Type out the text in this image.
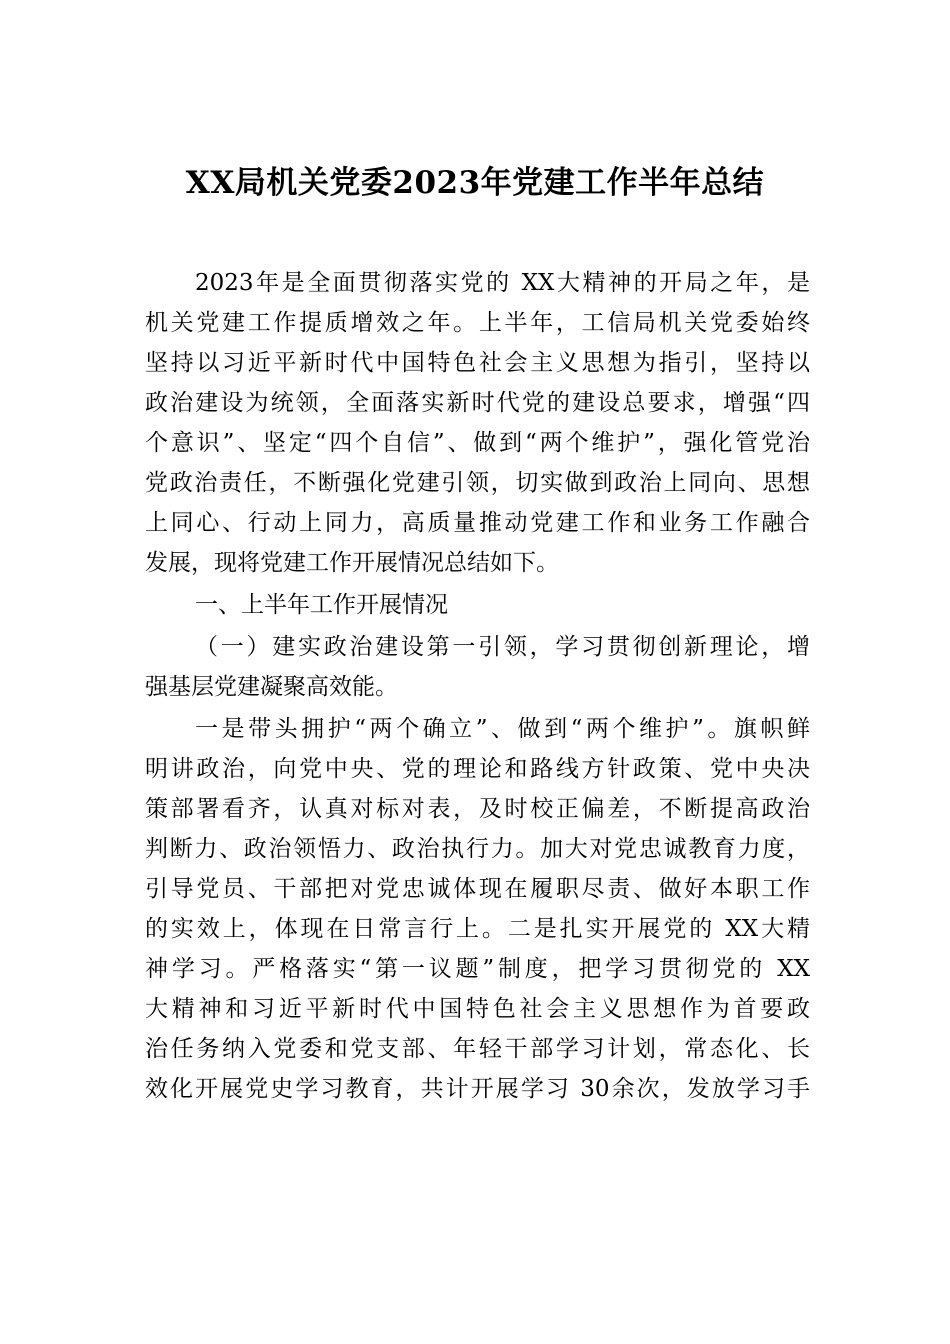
XX局机关党委2023年党建工作半年总结
2023年是全面贯彻落实党的 XX大精神的开局之年，是
机关党建工作提质增效之年。上半年，工信局机关党委始终
坚持以习近平新时代中国特色社会主义思想为指引，坚持以
政治建设为统领，全面落实新时代党的建设总要求，增强“四
个意识”、坚定“四个自信”、做到“两个维护”，强化管党治
党政治责任，不断强化党建引领，切实做到政治上同向、思想
上同心、行动上同力，高质量推动党建工作和业务工作融合
发展，现将党建工作开展情况总结如下。
一、上半年工作开展情况
（一）建实政治建设第一引领，学习贯彻创新理论，增
强基层党建凝聚高效能。
一是带头拥护“两个确立”、做到“两个维护”。旗帜鲜
明讲政治，向党中央、党的理论和路线方针政策、党中央决
策部署看齐，认真对标对表，及时校正偏差，不断提高政治
判断力、政治领悟力、政治执行力。加大对党忠诚教育力度，
引导党员、干部把对党忠诚体现在履职尽责、做好本职工作
的实效上，体现在日常言行上。二是扎实开展党的 XX大精
神学习。严格落实“第一议题”制度，把学习贯彻党的 XX
大精神和习近平新时代中国特色社会主义思想作为首要政
治任务纳入党委和党支部、年轻干部学习计划，常态化、长
效化开展党史学习教育，共计开展学习 30余次，发放学习手
